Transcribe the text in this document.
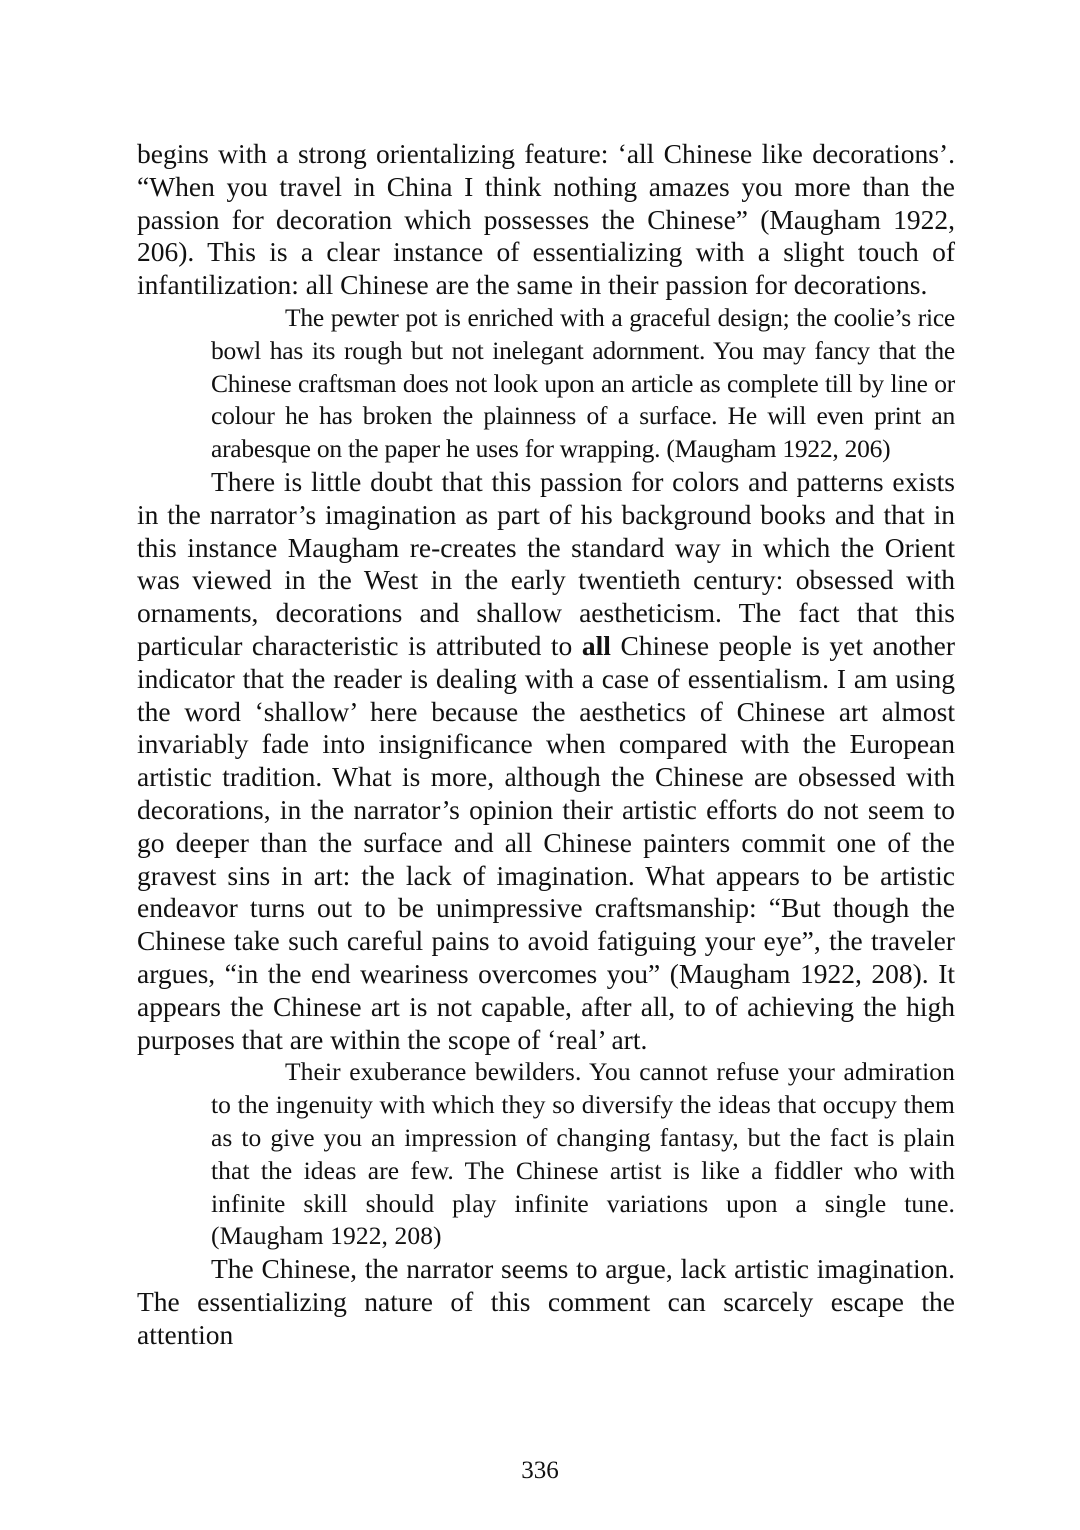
begins with a strong orientalizing feature: ‘all Chinese like decorations’. “When you travel in China I think nothing amazes you more than the passion for decoration which possesses the Chinese” (Maugham 1922, 206). This is a clear instance of essentializing with a slight touch of infantilization: all Chinese are the same in their passion for decorations.

The pewter pot is enriched with a graceful design; the coolie’s rice bowl has its rough but not inelegant adornment. You may fancy that the Chinese craftsman does not look upon an article as complete till by line or colour he has broken the plainness of a surface. He will even print an arabesque on the paper he uses for wrapping. (Maugham 1922, 206)

There is little doubt that this passion for colors and patterns exists in the narrator’s imagination as part of his background books and that in this instance Maugham re-creates the standard way in which the Orient was viewed in the West in the early twentieth century: obsessed with ornaments, decorations and shallow aestheticism. The fact that this particular characteristic is attributed to all Chinese people is yet another indicator that the reader is dealing with a case of essentialism. I am using the word ‘shallow’ here because the aesthetics of Chinese art almost invariably fade into insignificance when compared with the European artistic tradition. What is more, although the Chinese are obsessed with decorations, in the narrator’s opinion their artistic efforts do not seem to go deeper than the surface and all Chinese painters commit one of the gravest sins in art: the lack of imagination. What appears to be artistic endeavor turns out to be unimpressive craftsmanship: “But though the Chinese take such careful pains to avoid fatiguing your eye”, the traveler argues, “in the end weariness overcomes you” (Maugham 1922, 208). It appears the Chinese art is not capable, after all, to of achieving the high purposes that are within the scope of ‘real’ art.

Their exuberance bewilders. You cannot refuse your admiration to the ingenuity with which they so diversify the ideas that occupy them as to give you an impression of changing fantasy, but the fact is plain that the ideas are few. The Chinese artist is like a fiddler who with infinite skill should play infinite variations upon a single tune. (Maugham 1922, 208)

The Chinese, the narrator seems to argue, lack artistic imagination. The essentializing nature of this comment can scarcely escape the attention

336
